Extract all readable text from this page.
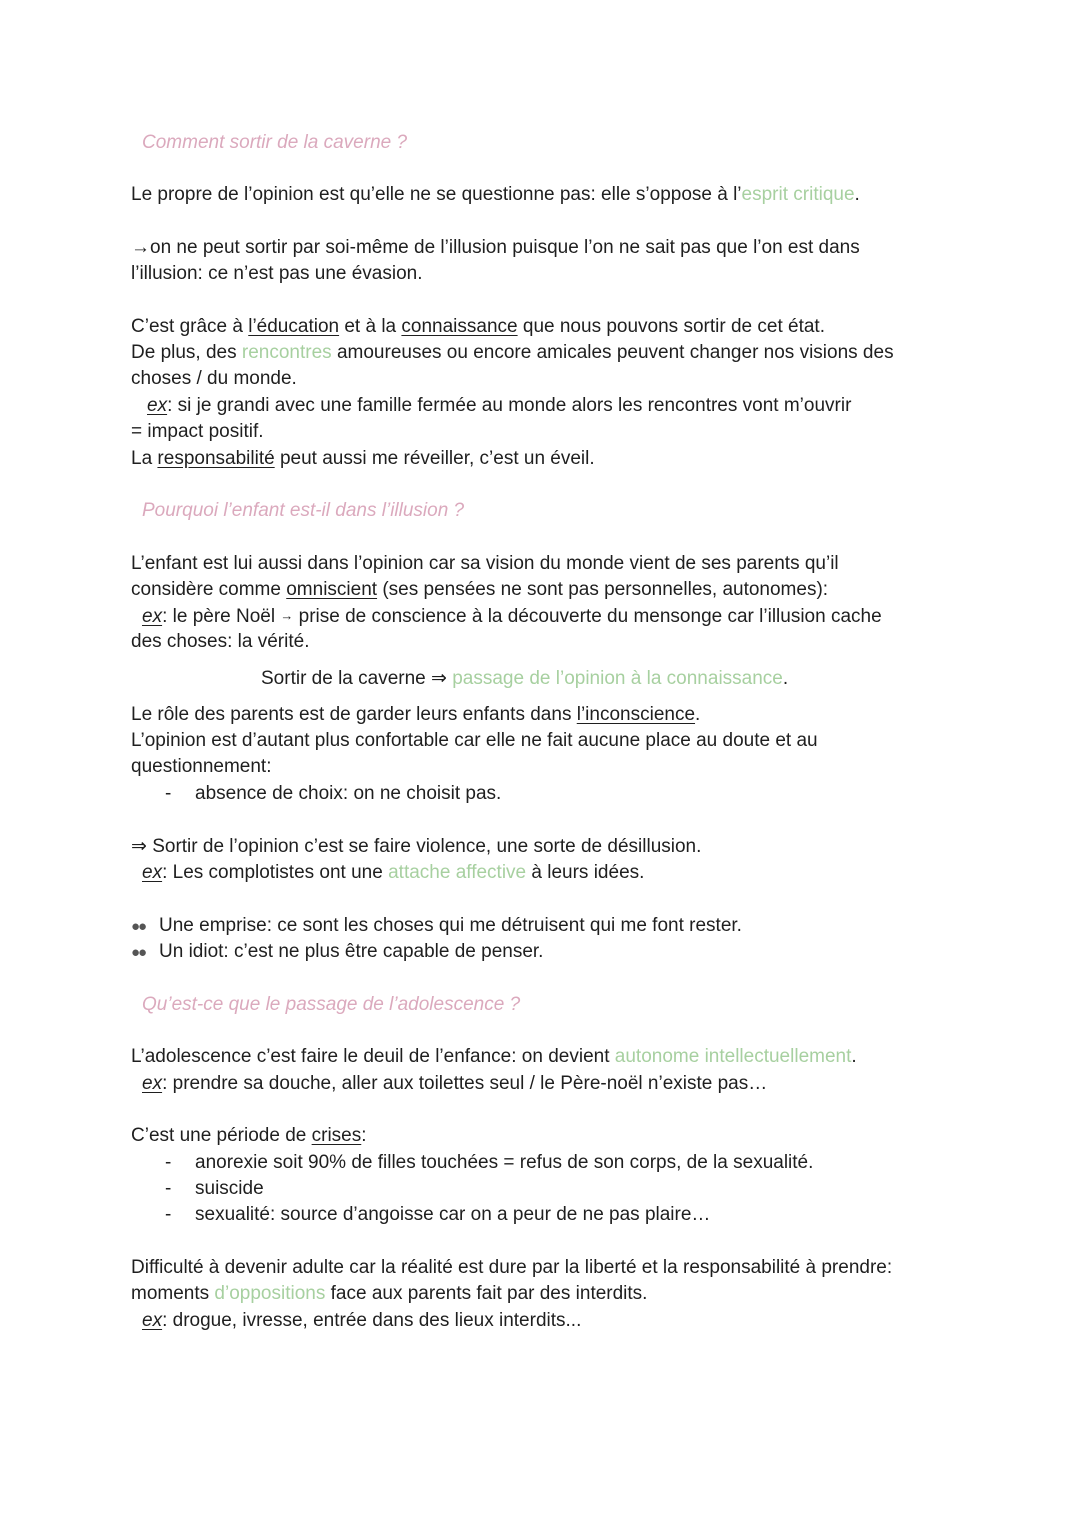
Comment sortir de la caverne ?

Le propre de l’opinion est qu’elle ne se questionne pas: elle s’oppose à l’esprit critique.

→on ne peut sortir par soi-même de l’illusion puisque l’on ne sait pas que l’on est dans

l’illusion: ce n’est pas une évasion.

C’est grâce à l’éducation et à la connaissance que nous pouvons sortir de cet état.

De plus, des rencontres amoureuses ou encore amicales peuvent changer nos visions des

choses / du monde.

ex: si je grandi avec une famille fermée au monde alors les rencontres vont m’ouvrir

= impact positif.

La responsabilité peut aussi me réveiller, c’est un éveil.

Pourquoi l’enfant est-il dans l’illusion ?

L’enfant est lui aussi dans l’opinion car sa vision du monde vient de ses parents qu’il

considère comme omniscient (ses pensées ne sont pas personnelles, autonomes):

ex: le père Noël → prise de conscience à la découverte du mensonge car l’illusion cache

des choses: la vérité.

Sortir de la caverne ⇒ passage de l’opinion à la connaissance.

Le rôle des parents est de garder leurs enfants dans l’inconscience.

L’opinion est d’autant plus confortable car elle ne fait aucune place au doute et au

questionnement:

- absence de choix: on ne choisit pas.

⇒ Sortir de l’opinion c’est se faire violence, une sorte de désillusion.

ex: Les complotistes ont une attache affective à leurs idées.

●● Une emprise: ce sont les choses qui me détruisent qui me font rester.

●● Un idiot: c’est ne plus être capable de penser.

Qu’est-ce que le passage de l’adolescence ?

L’adolescence c’est faire le deuil de l’enfance: on devient autonome intellectuellement.

ex: prendre sa douche, aller aux toilettes seul / le Père-noël n’existe pas…

C’est une période de crises:

- anorexie soit 90% de filles touchées = refus de son corps, de la sexualité.

- suiscide

- sexualité: source d’angoisse car on a peur de ne pas plaire…

Difficulté à devenir adulte car la réalité est dure par la liberté et la responsabilité à prendre:

moments d’oppositions face aux parents fait par des interdits.

ex: drogue, ivresse, entrée dans des lieux interdits...
